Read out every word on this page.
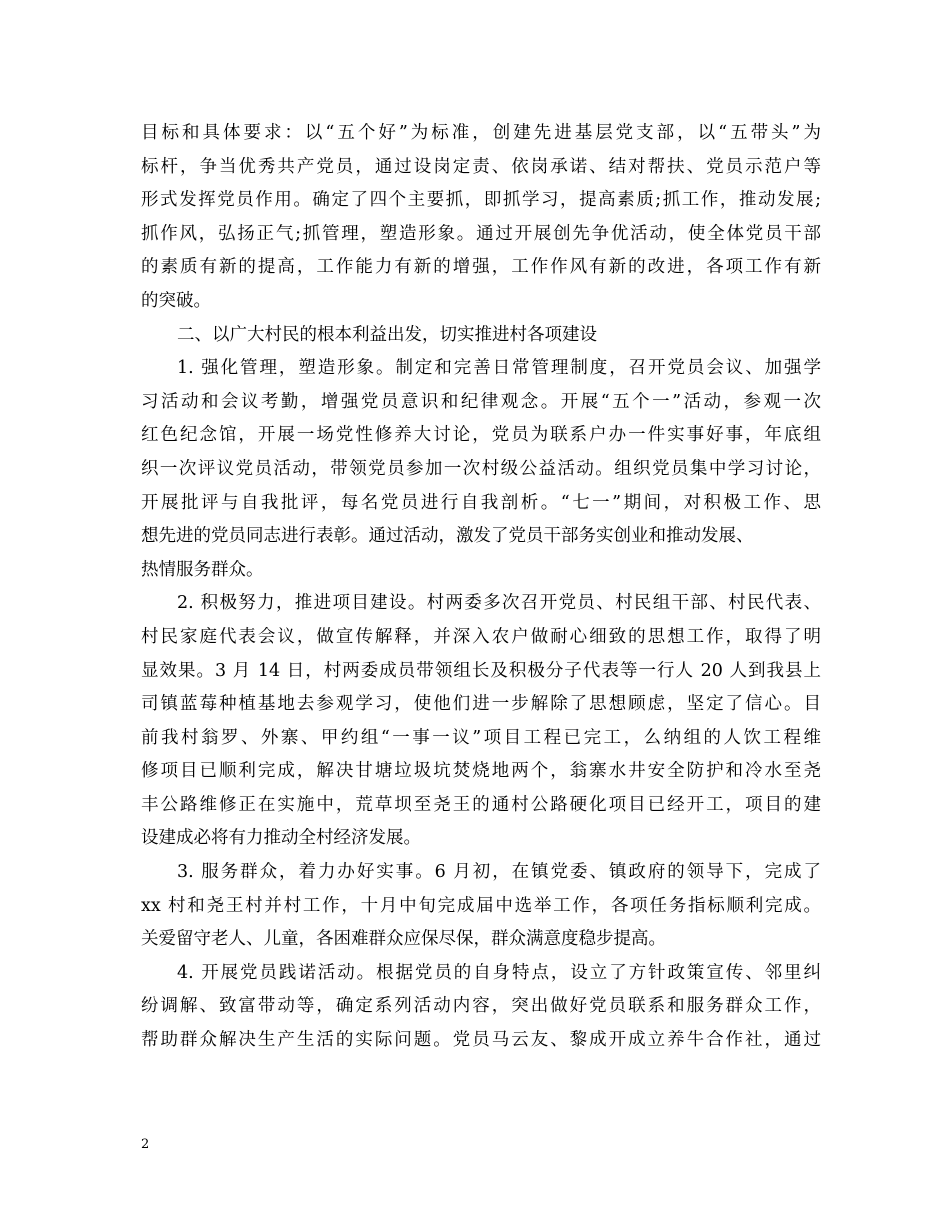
目标和具体要求：以“五个好”为标准，创建先进基层党支部，以“五带头”为
标杆，争当优秀共产党员，通过设岗定责、依岗承诺、结对帮扶、党员示范户等
形式发挥党员作用。确定了四个主要抓，即抓学习，提高素质;抓工作，推动发展;
抓作风，弘扬正气;抓管理，塑造形象。通过开展创先争优活动，使全体党员干部
的素质有新的提高，工作能力有新的增强，工作作风有新的改进，各项工作有新
的突破。
二、以广大村民的根本利益出发，切实推进村各项建设
1. 强化管理，塑造形象。制定和完善日常管理制度，召开党员会议、加强学
习活动和会议考勤，增强党员意识和纪律观念。开展“五个一”活动，参观一次
红色纪念馆，开展一场党性修养大讨论，党员为联系户办一件实事好事，年底组
织一次评议党员活动，带领党员参加一次村级公益活动。组织党员集中学习讨论，
开展批评与自我批评，每名党员进行自我剖析。“七一”期间，对积极工作、思
想先进的党员同志进行表彰。通过活动，激发了党员干部务实创业和推动发展、
热情服务群众。
2. 积极努力，推进项目建设。村两委多次召开党员、村民组干部、村民代表、
村民家庭代表会议，做宣传解释，并深入农户做耐心细致的思想工作，取得了明
显效果。3 月 14 日，村两委成员带领组长及积极分子代表等一行人 20 人到我县上
司镇蓝莓种植基地去参观学习，使他们进一步解除了思想顾虑，坚定了信心。目
前我村翁罗、外寨、甲约组“一事一议”项目工程已完工，么纳组的人饮工程维
修项目已顺利完成，解决甘塘垃圾坑焚烧地两个，翁寨水井安全防护和冷水至尧
丰公路维修正在实施中，荒草坝至尧王的通村公路硬化项目已经开工，项目的建
设建成必将有力推动全村经济发展。
3. 服务群众，着力办好实事。6 月初，在镇党委、镇政府的领导下，完成了
xx 村和尧王村并村工作，十月中旬完成届中选举工作，各项任务指标顺利完成。
关爱留守老人、儿童，各困难群众应保尽保，群众满意度稳步提高。
4. 开展党员践诺活动。根据党员的自身特点，设立了方针政策宣传、邻里纠
纷调解、致富带动等，确定系列活动内容，突出做好党员联系和服务群众工作，
帮助群众解决生产生活的实际问题。党员马云友、黎成开成立养牛合作社，通过
2
